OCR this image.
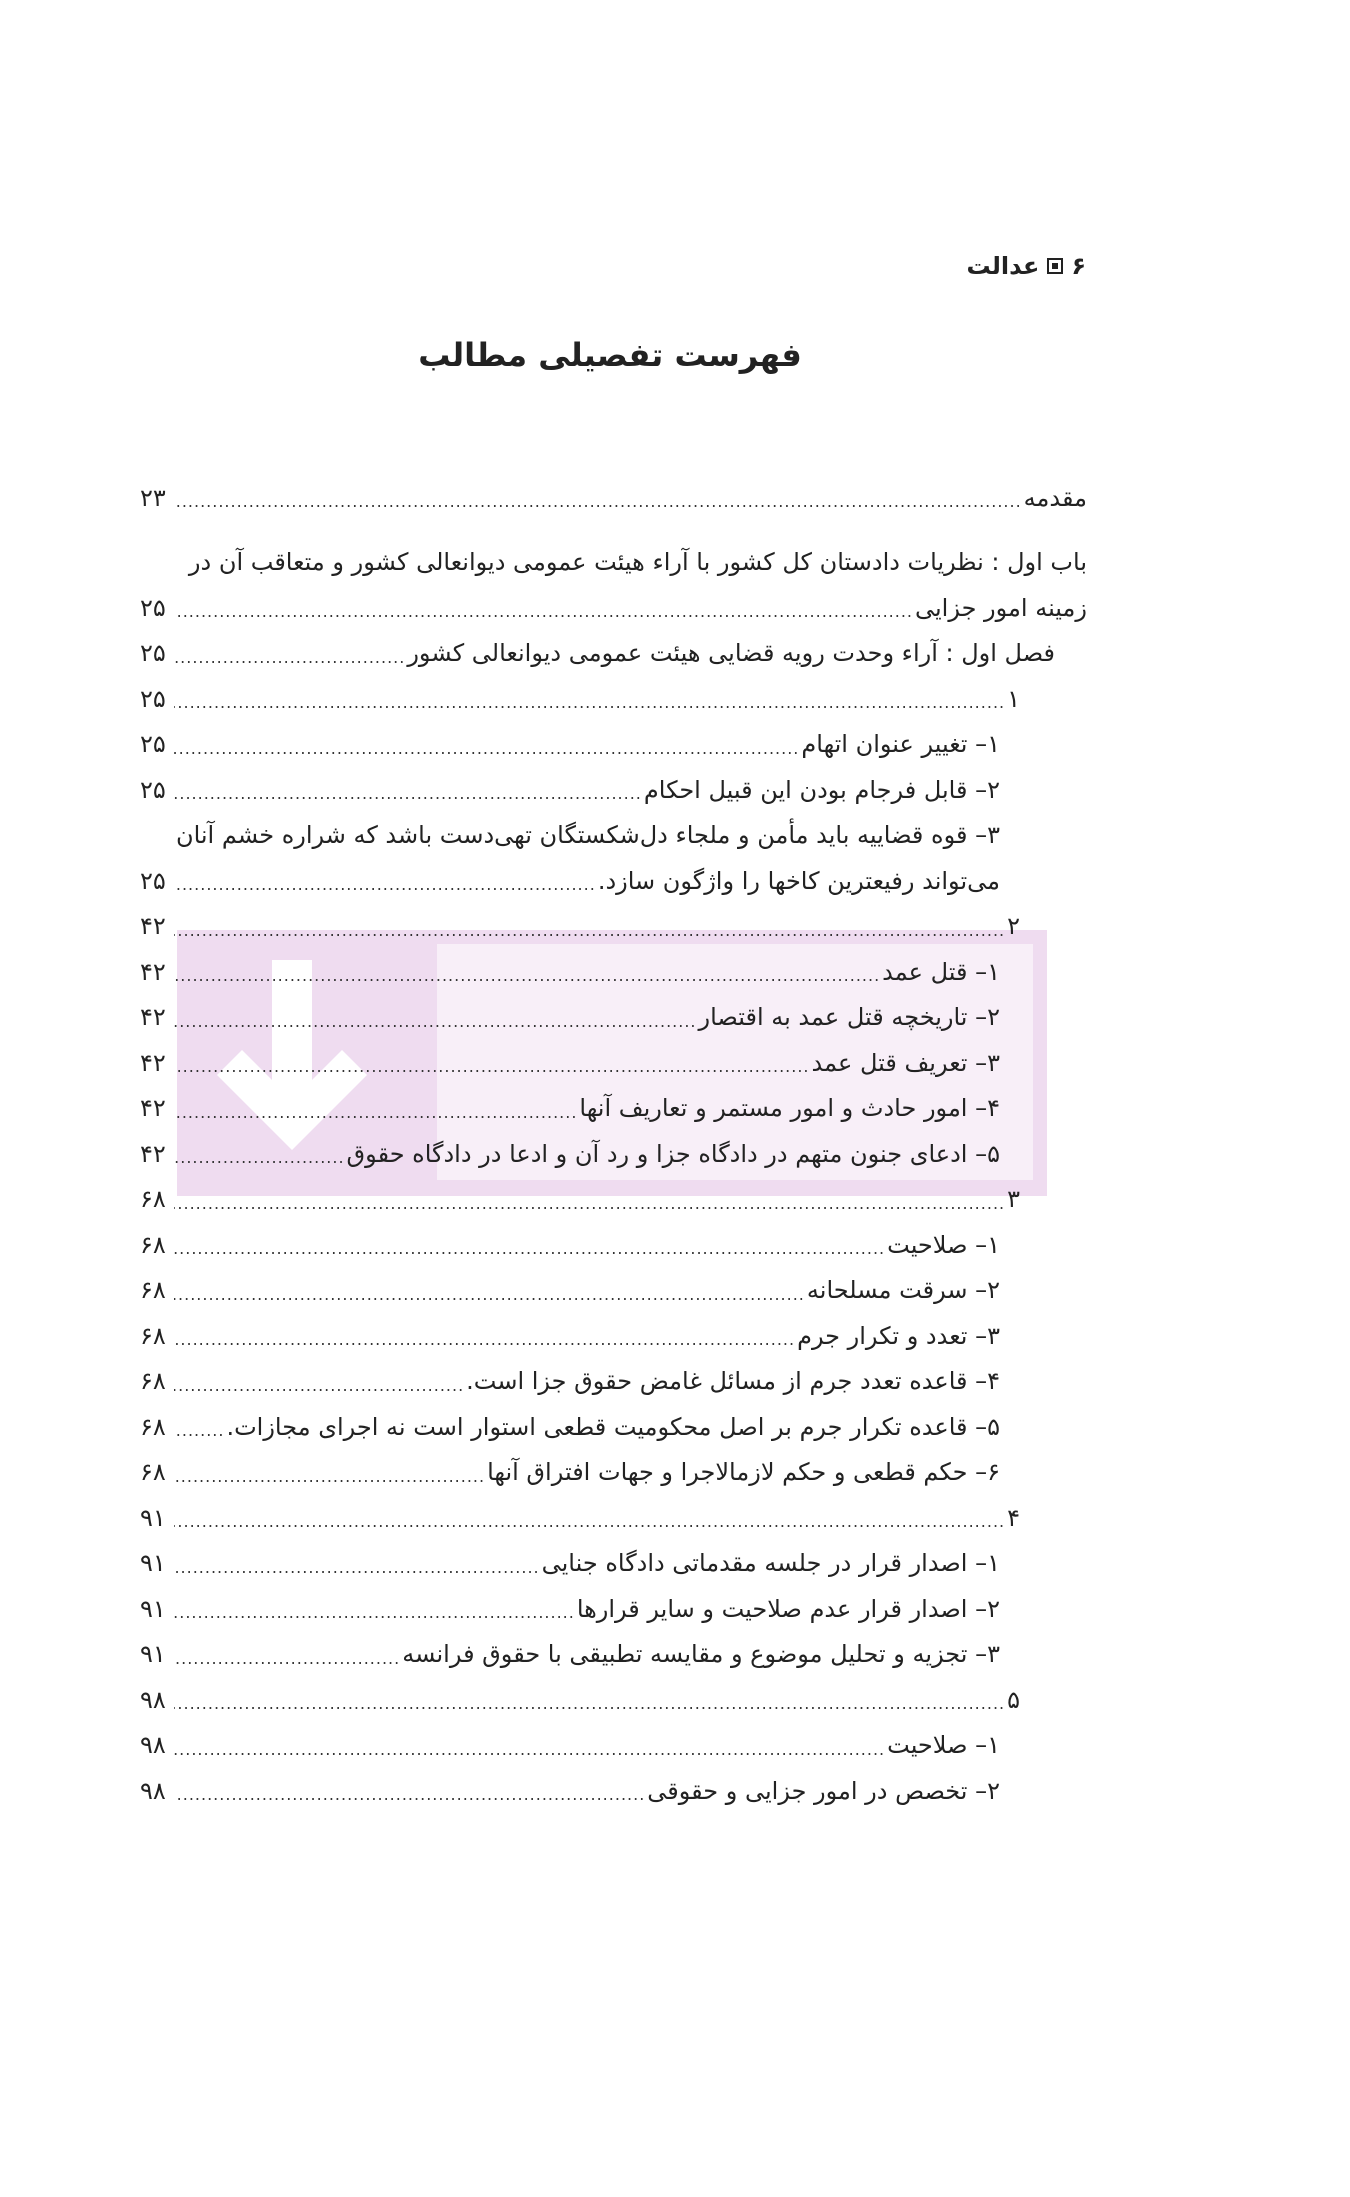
۶
عدالت
فهرست تفصیلی مطالب
مقدمه
.....
۲۳
باب اول : نظریات دادستان کل کشور با آراء هیئت عمومی دیوانعالی کشور و متعاقب آن در
زمینه امور جزایی
.....
۲۵
فصل اول : آراء وحدت رویه قضایی هیئت عمومی دیوانعالی کشور
.....
۲۵
۱
.....
۲۵
۱– تغییر عنوان اتهام
.....
۲۵
۲– قابل فرجام بودن این قبیل احکام
.....
۲۵
۳– قوه قضاییه باید مأمن و ملجاء دل‌شکستگان تهی‌دست باشد که شراره خشم آنان
می‌تواند رفیعترین کاخها را واژگون سازد.
.....
۲۵
۲
.....
۴۲
۱– قتل عمد
.....
۴۲
۲– تاریخچه قتل عمد به اقتصار
.....
۴۲
۳– تعریف قتل عمد
.....
۴۲
۴– امور حادث و امور مستمر و تعاریف آنها
.....
۴۲
۵– ادعای جنون متهم در دادگاه جزا و رد آن و ادعا در دادگاه حقوق
.....
۴۲
۳
.....
۶۸
۱– صلاحیت
.....
۶۸
۲– سرقت مسلحانه
.....
۶۸
۳– تعدد و تکرار جرم
.....
۶۸
۴– قاعده تعدد جرم از مسائل غامض حقوق جزا است.
.....
۶۸
۵– قاعده تکرار جرم بر اصل محکومیت قطعی استوار است نه اجرای مجازات.
.....
۶۸
۶– حکم قطعی و حکم لازمالاجرا و جهات افتراق آنها
.....
۶۸
۴
.....
۹۱
۱– اصدار قرار در جلسه مقدماتی دادگاه جنایی
.....
۹۱
۲– اصدار قرار عدم صلاحیت و سایر قرارها
.....
۹۱
۳– تجزیه و تحلیل موضوع و مقایسه تطبیقی با حقوق فرانسه
.....
۹۱
۵
.....
۹۸
۱– صلاحیت
.....
۹۸
۲– تخصص در امور جزایی و حقوقی
.....
۹۸
